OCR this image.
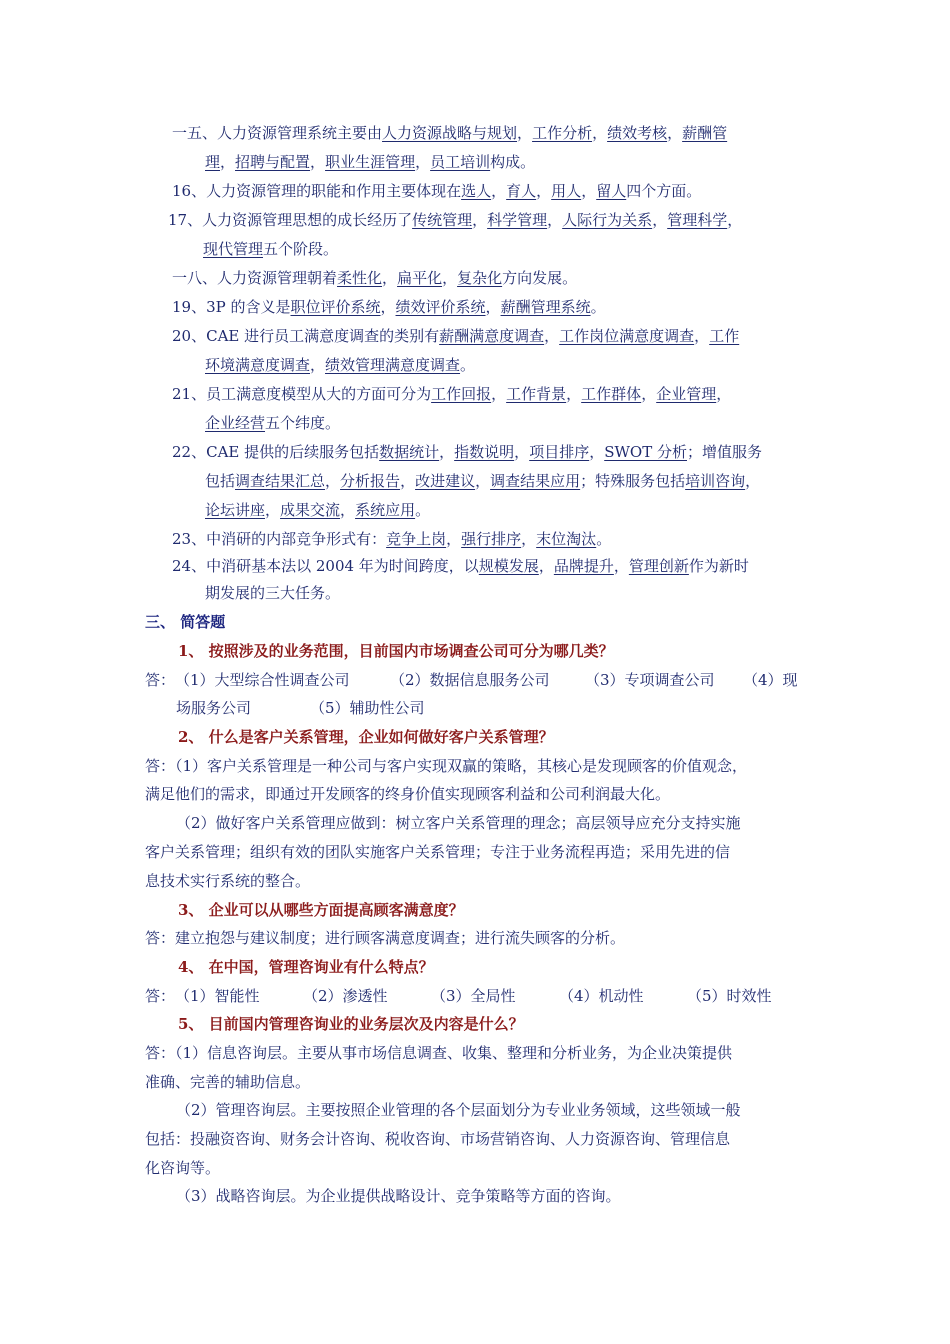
一五、人力资源管理系统主要由人力资源战略与规划，工作分析，绩效考核，薪酬管
理，招聘与配置，职业生涯管理，员工培训构成。
16、人力资源管理的职能和作用主要体现在选人，育人，用人，留人四个方面。
17、人力资源管理思想的成长经历了传统管理，科学管理，人际行为关系，管理科学，
现代管理五个阶段。
一八、人力资源管理朝着柔性化，扁平化，复杂化方向发展。
19、3P 的含义是职位评价系统，绩效评价系统，薪酬管理系统。
20、CAE 进行员工满意度调查的类别有薪酬满意度调查，工作岗位满意度调查，工作
环境满意度调查，绩效管理满意度调查。
21、员工满意度模型从大的方面可分为工作回报，工作背景，工作群体，企业管理，
企业经营五个纬度。
22、CAE 提供的后续服务包括数据统计，指数说明，项目排序，SWOT 分析；增值服务
包括调查结果汇总，分析报告，改进建议，调查结果应用；特殊服务包括培训咨询，
论坛讲座，成果交流，系统应用。
23、中消研的内部竞争形式有：竞争上岗，强行排序，末位淘汰。
24、中消研基本法以 2004 年为时间跨度，以规模发展，品牌提升，管理创新作为新时
期发展的三大任务。
三、 简答题
1、 按照涉及的业务范围，目前国内市场调查公司可分为哪几类？
答：（1）大型综合性调查公司	（2）数据信息服务公司 （3）专项调查公司 （4）现
场服务公司	（5）辅助性公司
2、 什么是客户关系管理，企业如何做好客户关系管理？
答：（1）客户关系管理是一种公司与客户实现双赢的策略，其核心是发现顾客的价值观念，
满足他们的需求，即通过开发顾客的终身价值实现顾客利益和公司利润最大化。
（2）做好客户关系管理应做到：树立客户关系管理的理念；高层领导应充分支持实施
客户关系管理；组织有效的团队实施客户关系管理；专注于业务流程再造；采用先进的信
息技术实行系统的整合。
3、 企业可以从哪些方面提高顾客满意度？
答：建立抱怨与建议制度；进行顾客满意度调查；进行流失顾客的分析。
4、 在中国，管理咨询业有什么特点？
答：（1）智能性	（2）渗透性	（3）全局性	（4）机动性	（5）时效性
5、 目前国内管理咨询业的业务层次及内容是什么？
答：（1）信息咨询层。主要从事市场信息调查、收集、整理和分析业务，为企业决策提供
准确、完善的辅助信息。
（2）管理咨询层。主要按照企业管理的各个层面划分为专业业务领域，这些领域一般
包括：投融资咨询、财务会计咨询、税收咨询、市场营销咨询、人力资源咨询、管理信息
化咨询等。
（3）战略咨询层。为企业提供战略设计、竞争策略等方面的咨询。
